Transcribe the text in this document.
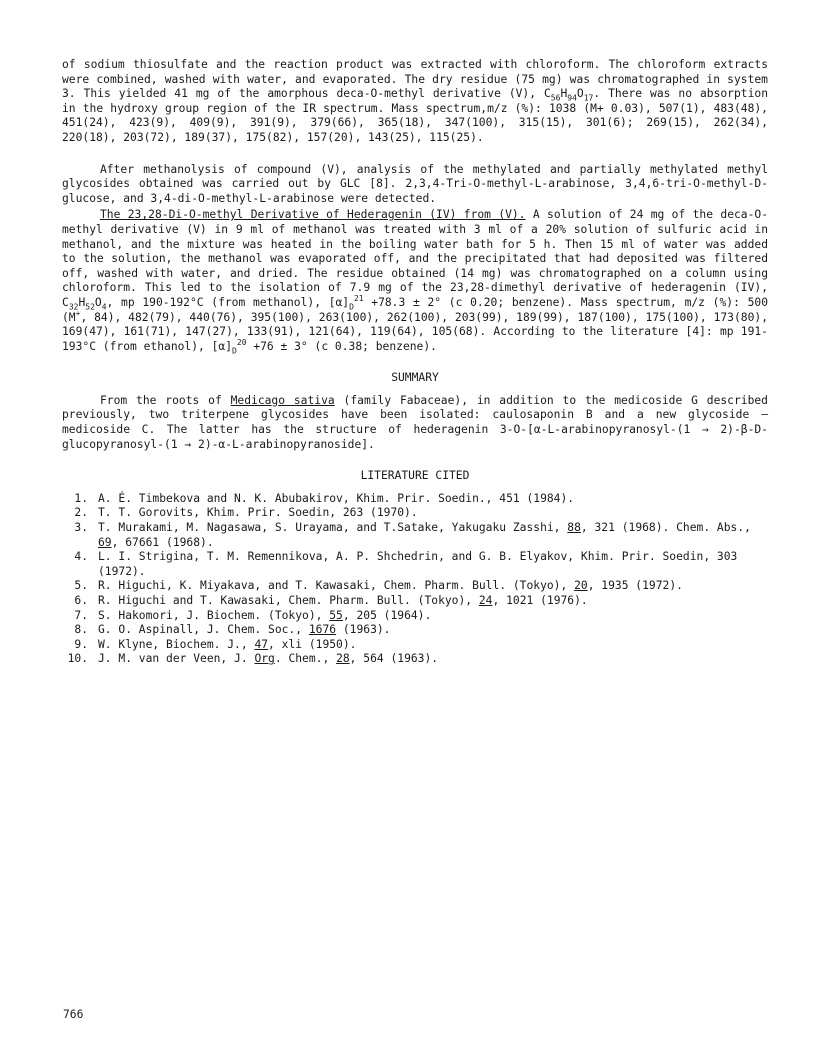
of sodium thiosulfate and the reaction product was extracted with chloroform. The chloroform extracts were combined, washed with water, and evaporated. The dry residue (75 mg) was chromatographed in system 3. This yielded 41 mg of the amorphous deca-O-methyl derivative (V), $C_{56}H_{94}O_{17}$. There was no absorption in the hydroxy group region of the IR spectrum. Mass spectrum,m/z (%): 1038 (M+ 0.03), 507(1), 483(48), 451(24), 423(9), 409(9), 391(9), 379(66), 365(18), 347(100), 315(15), 301(6); 269(15), 262(34), 220(18), 203(72), 189(37), 175(82), 157(20), 143(25), 115(25).

After methanolysis of compound (V), analysis of the methylated and partially methylated methyl glycosides obtained was carried out by GLC [8]. 2,3,4-Tri-O-methyl-L-arabinose, 3,4,6-tri-O-methyl-D-glucose, and 3,4-di-O-methyl-L-arabinose were detected.

The 23,28-Di-O-methyl Derivative of Hederagenin (IV) from (V). A solution of 24 mg of the deca-O-methyl derivative (V) in 9 ml of methanol was treated with 3 ml of a 20% solution of sulfuric acid in methanol, and the mixture was heated in the boiling water bath for 5 h. Then 15 ml of water was added to the solution, the methanol was evaporated off, and the precipitated that had deposited was filtered off, washed with water, and dried. The residue obtained (14 mg) was chromatographed on a column using chloroform. This led to the isolation of 7.9 mg of the 23,28-dimethyl derivative of hederagenin (IV), $C_{32}H_{52}O_4$, mp 190-192°C (from methanol), $[\alpha]_D^{21} +78.3 \pm 2^\circ$ (c 0.20; benzene). Mass spectrum, m/z (%): 500 (M+, 84), 482(79), 440(76), 395(100), 263(100), 262(100), 203(99), 189(99), 187(100), 175(100), 173(80), 169(47), 161(71), 147(27), 133(91), 121(64), 119(64), 105(68). According to the literature [4]: mp 191-193°C (from ethanol), $[\alpha]_D^{20} +76 \pm 3^\circ$ (c 0.38; benzene).

SUMMARY

From the roots of Medicago sativa (family Fabaceae), in addition to the medicoside G described previously, two triterpene glycosides have been isolated: caulosaponin B and a new glycoside – medicoside C. The latter has the structure of hederagenin 3-O-[α-L-arabinopyranosyl-(1 → 2)-β-D-glucopyranosyl-(1 → 2)-α-L-arabinopyranoside].

LITERATURE CITED
1. A. É. Timbekova and N. K. Abubakirov, Khim. Prir. Soedin., 451 (1984).
2. T. T. Gorovits, Khim. Prir. Soedin, 263 (1970).
3. T. Murakami, M. Nagasawa, S. Urayama, and T.Satake, Yakugaku Zasshi, 88, 321 (1968). Chem. Abs., 69, 67661 (1968).
4. L. I. Strigina, T. M. Remennikova, A. P. Shchedrin, and G. B. Elyakov, Khim. Prir. Soedin, 303 (1972).
5. R. Higuchi, K. Miyakava, and T. Kawasaki, Chem. Pharm. Bull. (Tokyo), 20, 1935 (1972).
6. R. Higuchi and T. Kawasaki, Chem. Pharm. Bull. (Tokyo), 24, 1021 (1976).
7. S. Hakomori, J. Biochem. (Tokyo), 55, 205 (1964).
8. G. O. Aspinall, J. Chem. Soc., 1676 (1963).
9. W. Klyne, Biochem. J., 47, xli (1950).
10. J. M. van der Veen, J. Org. Chem., 28, 564 (1963).
766
